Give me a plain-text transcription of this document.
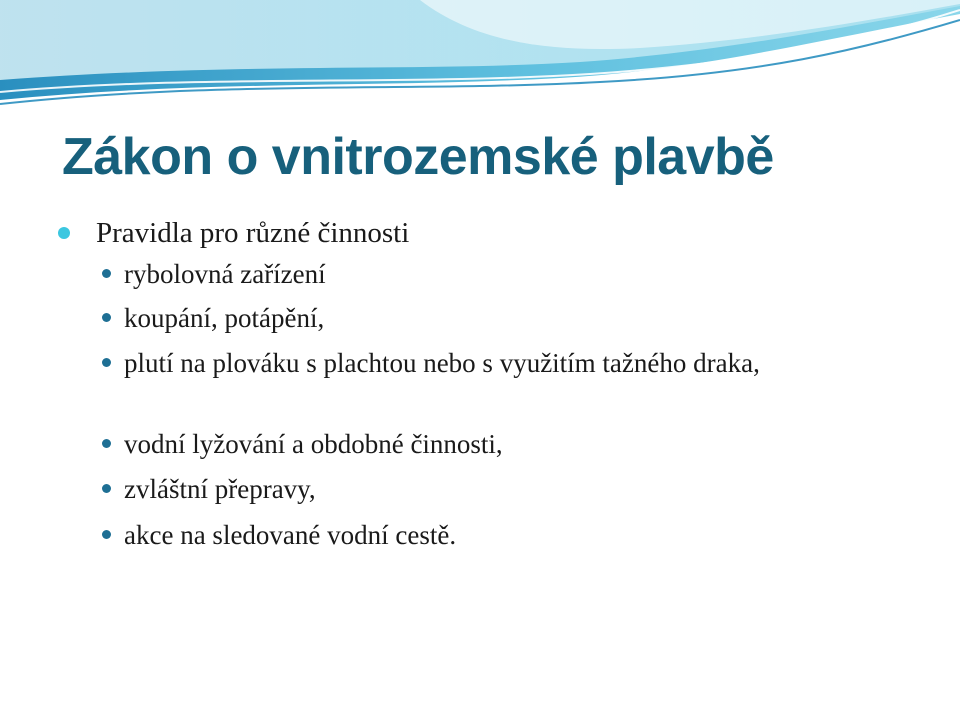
Zákon o vnitrozemské plavbě
Pravidla pro různé činnosti
rybolovná zařízení
koupání, potápění,
plutí na plováku s plachtou nebo s využitím tažného draka,
vodní lyžování a obdobné činnosti,
zvláštní přepravy,
akce na sledované vodní cestě.
